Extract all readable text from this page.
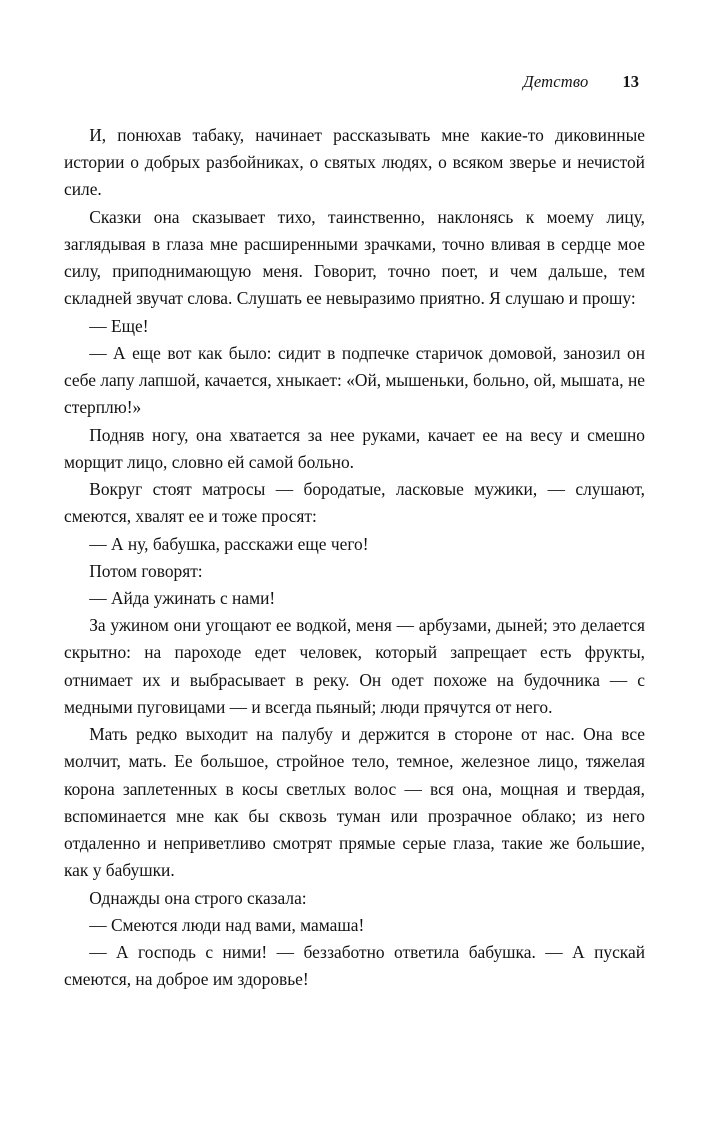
Детство 13

И, понюхав табаку, начинает рассказывать мне какие-то диковинные истории о добрых разбойниках, о святых людях, о всяком зверье и нечистой силе.

Сказки она сказывает тихо, таинственно, наклонясь к моему лицу, заглядывая в глаза мне расширенными зрачками, точно вливая в сердце мое силу, приподнимающую меня. Говорит, точно поет, и чем дальше, тем складней звучат слова. Слушать ее невыразимо приятно. Я слушаю и прошу:

— Еще!

— А еще вот как было: сидит в подпечке старичок домовой, занозил он себе лапу лапшой, качается, хныкает: «Ой, мышеньки, больно, ой, мышата, не стерплю!»

Подняв ногу, она хватается за нее руками, качает ее на весу и смешно морщит лицо, словно ей самой больно.

Вокруг стоят матросы — бородатые, ласковые мужики, — слушают, смеются, хвалят ее и тоже просят:

— А ну, бабушка, расскажи еще чего!

Потом говорят:

— Айда ужинать с нами!

За ужином они угощают ее водкой, меня — арбузами, дыней; это делается скрытно: на пароходе едет человек, который запрещает есть фрукты, отнимает их и выбрасывает в реку. Он одет похоже на будочника — с медными пуговицами — и всегда пьяный; люди прячутся от него.

Мать редко выходит на палубу и держится в стороне от нас. Она все молчит, мать. Ее большое, стройное тело, темное, железное лицо, тяжелая корона заплетенных в косы светлых волос — вся она, мощная и твердая, вспоминается мне как бы сквозь туман или прозрачное облако; из него отдаленно и неприветливо смотрят прямые серые глаза, такие же большие, как у бабушки.

Однажды она строго сказала:

— Смеются люди над вами, мамаша!

— А господь с ними! — беззаботно ответила бабушка. — А пускай смеются, на доброе им здоровье!
